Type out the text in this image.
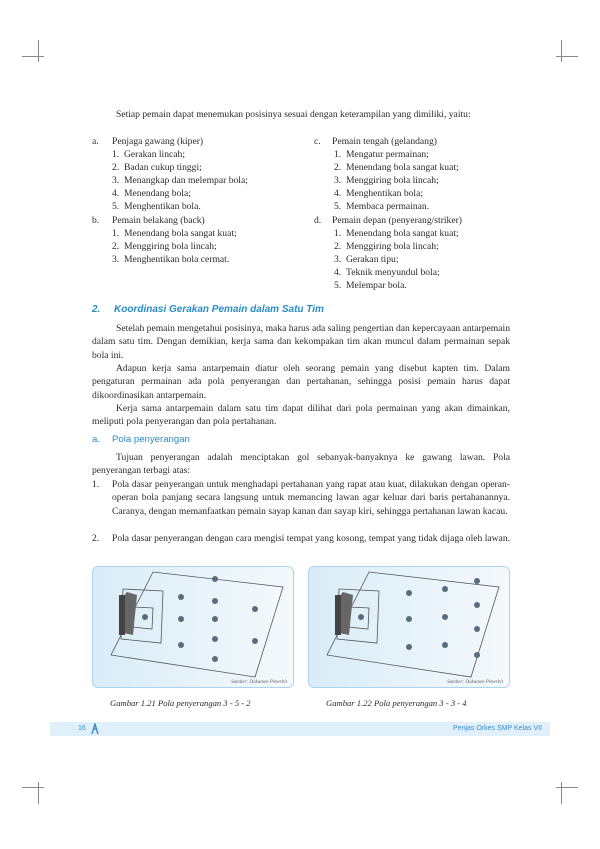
Setiap pemain dapat menemukan posisinya sesuai dengan keterampilan yang dimiliki, yaitu:
a. Penjaga gawang (kiper)
1.  Gerakan lincah;
2.  Badan cukup tinggi;
3.  Menangkap dan melempar bola;
4.  Menendang bola;
5.  Menghentikan bola.
b. Pemain belakang (back)
1.  Menendang bola sangat kuat;
2.  Menggiring bola lincah;
3.  Menghentikan bola cermat.
c. Pemain tengah (gelandang)
1.  Mengatur permainan;
2.  Menendang bola sangat kuat;
3.  Menggiring bola lincah;
4.  Menghentikan bola;
5.  Membaca permainan.
d. Pemain depan (penyerang/striker)
1.  Menendang bola sangat kuat;
2.  Menggiring bola lincah;
3.  Gerakan tipu;
4.  Teknik menyundul bola;
5.  Melempar bola.
2. Koordinasi Gerakan Pemain dalam Satu Tim
Setelah pemain mengetahui posisinya, maka harus ada saling pengertian dan kepercayaan antarpemain dalam satu tim. Dengan demikian, kerja sama dan kekompakan tim akan muncul dalam permainan sepak bola ini.
Adapun kerja sama antarpemain diatur oleh seorang pemain yang disebut kapten tim. Dalam pengaturan permainan ada pola penyerangan dan pertahanan, sehingga posisi pemain harus dapat dikoordinasikan antarpemain.
Kerja sama antarpemain dalam satu tim dapat dilihat dari pola permainan yang akan dimainkan, meliputi pola penyerangan dan pola pertahanan.
a. Pola penyerangan
Tujuan penyerangan adalah menciptakan gol sebanyak-banyaknya ke gawang lawan. Pola penyerangan terbagi atas:
1. Pola dasar penyerangan untuk menghadapi pertahanan yang rapat atau kuat, dilakukan dengan operan-operan bola panjang secara langsung untuk memancing lawan agar keluar dari baris pertahanannya. Caranya, dengan memanfaatkan pemain sayap kanan dan sayap kiri, sehingga pertahanan lawan kacau.
2. Pola dasar penyerangan dengan cara mengisi tempat yang kosong, tempat yang tidak dijaga oleh lawan.
Sumber: Dokumen Penerbit
Gambar 1.21 Pola penyerangan 3 - 5 - 2
Sumber: Dokumen Penerbit
Gambar 1.22 Pola penyerangan 3 - 3 - 4
16	Penjas Orkes SMP Kelas VII
